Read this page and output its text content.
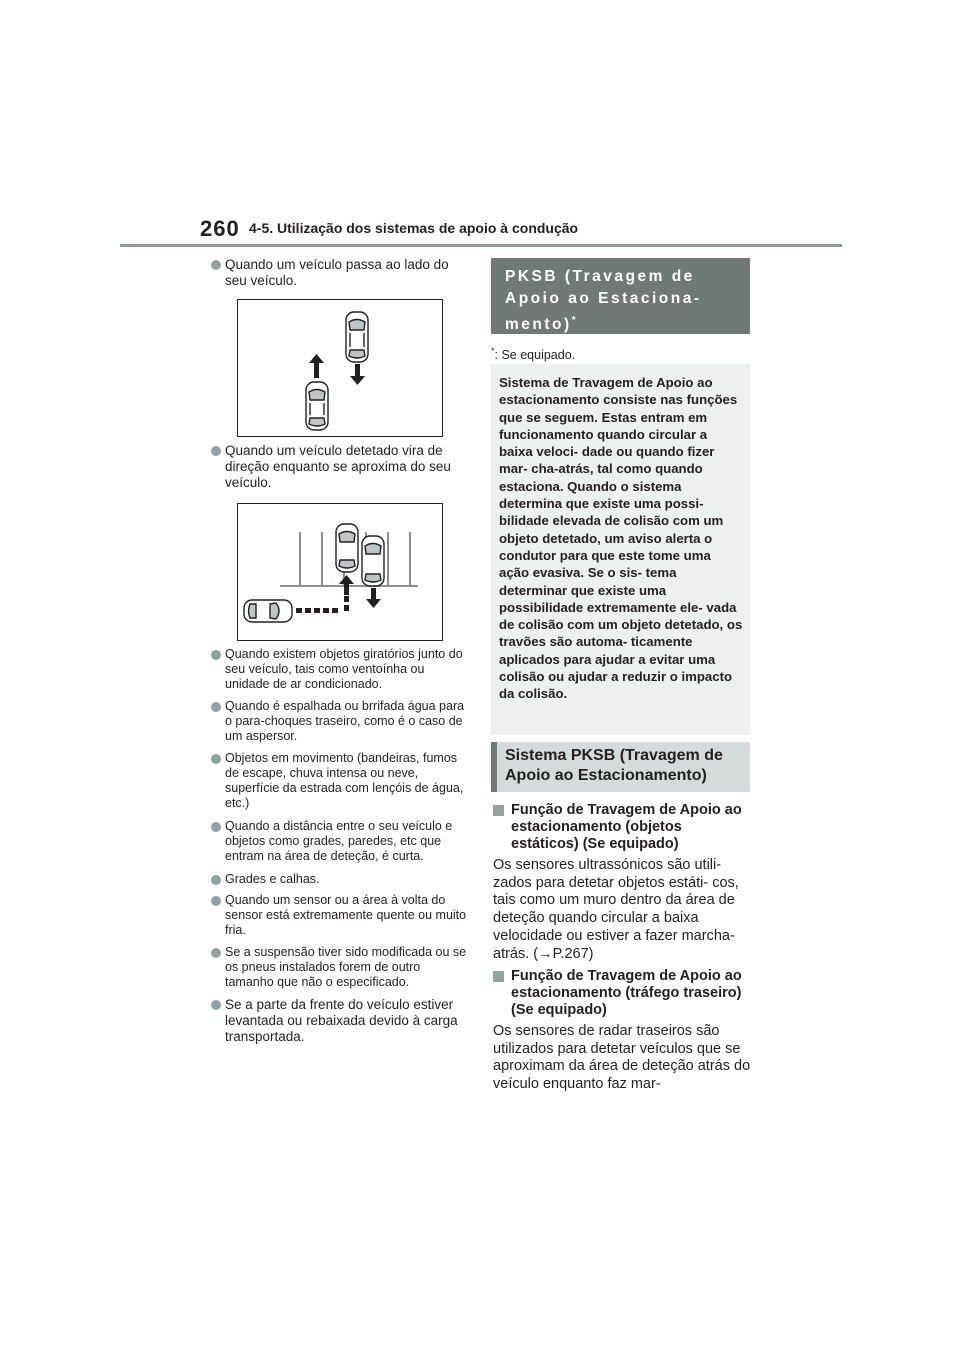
260 4-5. Utilização dos sistemas de apoio à condução
Quando um veículo passa ao lado do seu veículo.
Quando um veículo detetado vira de direção enquanto se aproxima do seu veículo.
Quando existem objetos giratórios junto do seu veículo, tais como ventoínha ou unidade de ar condicionado.
Quando é espalhada ou brrifada água para o para-choques traseiro, como é o caso de um aspersor.
Objetos em movimento (bandeiras, fumos de escape, chuva intensa ou neve, superfície da estrada com lençóis de água, etc.)
Quando a distância entre o seu veículo e objetos como grades, paredes, etc que entram na área de deteção, é curta.
Grades e calhas.
Quando um sensor ou a área à volta do sensor está extremamente quente ou muito fria.
Se a suspensão tiver sido modificada ou se os pneus instalados forem de outro tamanho que não o especificado.
Se a parte da frente do veículo estiver levantada ou rebaixada devido à carga transportada.
PKSB (Travagem de Apoio ao Estaciona- mento)*
*: Se equipado.
Sistema de Travagem de Apoio ao estacionamento consiste nas funções que se seguem. Estas entram em funcionamento quando circular a baixa veloci- dade ou quando fizer mar- cha-atrás, tal como quando estaciona. Quando o sistema determina que existe uma possi- bilidade elevada de colisão com um objeto detetado, um aviso alerta o condutor para que este tome uma ação evasiva. Se o sis- tema determinar que existe uma possibilidade extremamente ele- vada de colisão com um objeto detetado, os travões são automa- ticamente aplicados para ajudar a evitar uma colisão ou ajudar a reduzir o impacto da colisão.
Sistema PKSB (Travagem de Apoio ao Estacionamento)
Função de Travagem de Apoio ao estacionamento (objetos estáticos) (Se equipado)
Os sensores ultrassónicos são utili- zados para detetar objetos estáti- cos, tais como um muro dentro da área de deteção quando circular a baixa velocidade ou estiver a fazer marcha-atrás. (→P.267)
Função de Travagem de Apoio ao estacionamento (tráfego traseiro) (Se equipado)
Os sensores de radar traseiros são utilizados para detetar veículos que se aproximam da área de deteção atrás do veículo enquanto faz mar-
